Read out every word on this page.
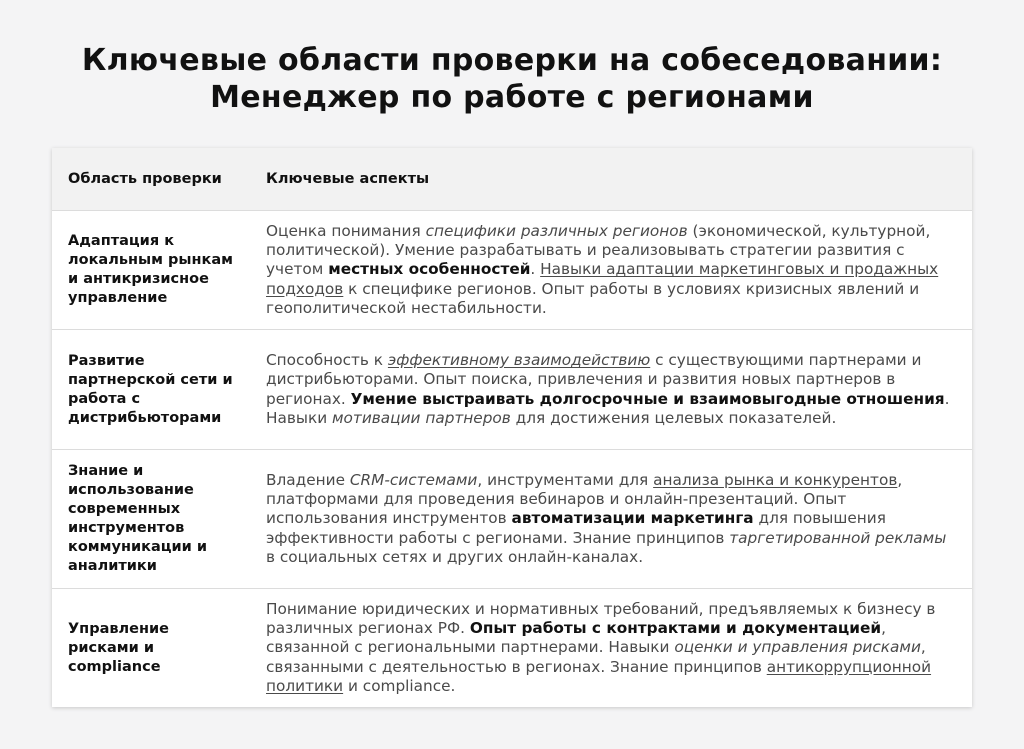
Ключевые области проверки на собеседовании:
Менеджер по работе с регионами
Область проверки	Ключевые аспекты
Адаптация к локальным рынкам и антикризисное управление	Оценка понимания специфики различных регионов (экономической, культурной, политической). Умение разрабатывать и реализовывать стратегии развития с учетом местных особенностей. Навыки адаптации маркетинговых и продажных подходов к специфике регионов. Опыт работы в условиях кризисных явлений и геополитической нестабильности.
Развитие партнерской сети и работа с дистрибьюторами	Способность к эффективному взаимодействию с существующими партнерами и дистрибьюторами. Опыт поиска, привлечения и развития новых партнеров в регионах. Умение выстраивать долгосрочные и взаимовыгодные отношения. Навыки мотивации партнеров для достижения целевых показателей.
Знание и использование современных инструментов коммуникации и аналитики	Владение CRM-системами, инструментами для анализа рынка и конкурентов, платформами для проведения вебинаров и онлайн-презентаций. Опыт использования инструментов автоматизации маркетинга для повышения эффективности работы с регионами. Знание принципов таргетированной рекламы в социальных сетях и других онлайн-каналах.
Управление рисками и compliance	Понимание юридических и нормативных требований, предъявляемых к бизнесу в различных регионах РФ. Опыт работы с контрактами и документацией, связанной с региональными партнерами. Навыки оценки и управления рисками, связанными с деятельностью в регионах. Знание принципов антикоррупционной политики и compliance.
